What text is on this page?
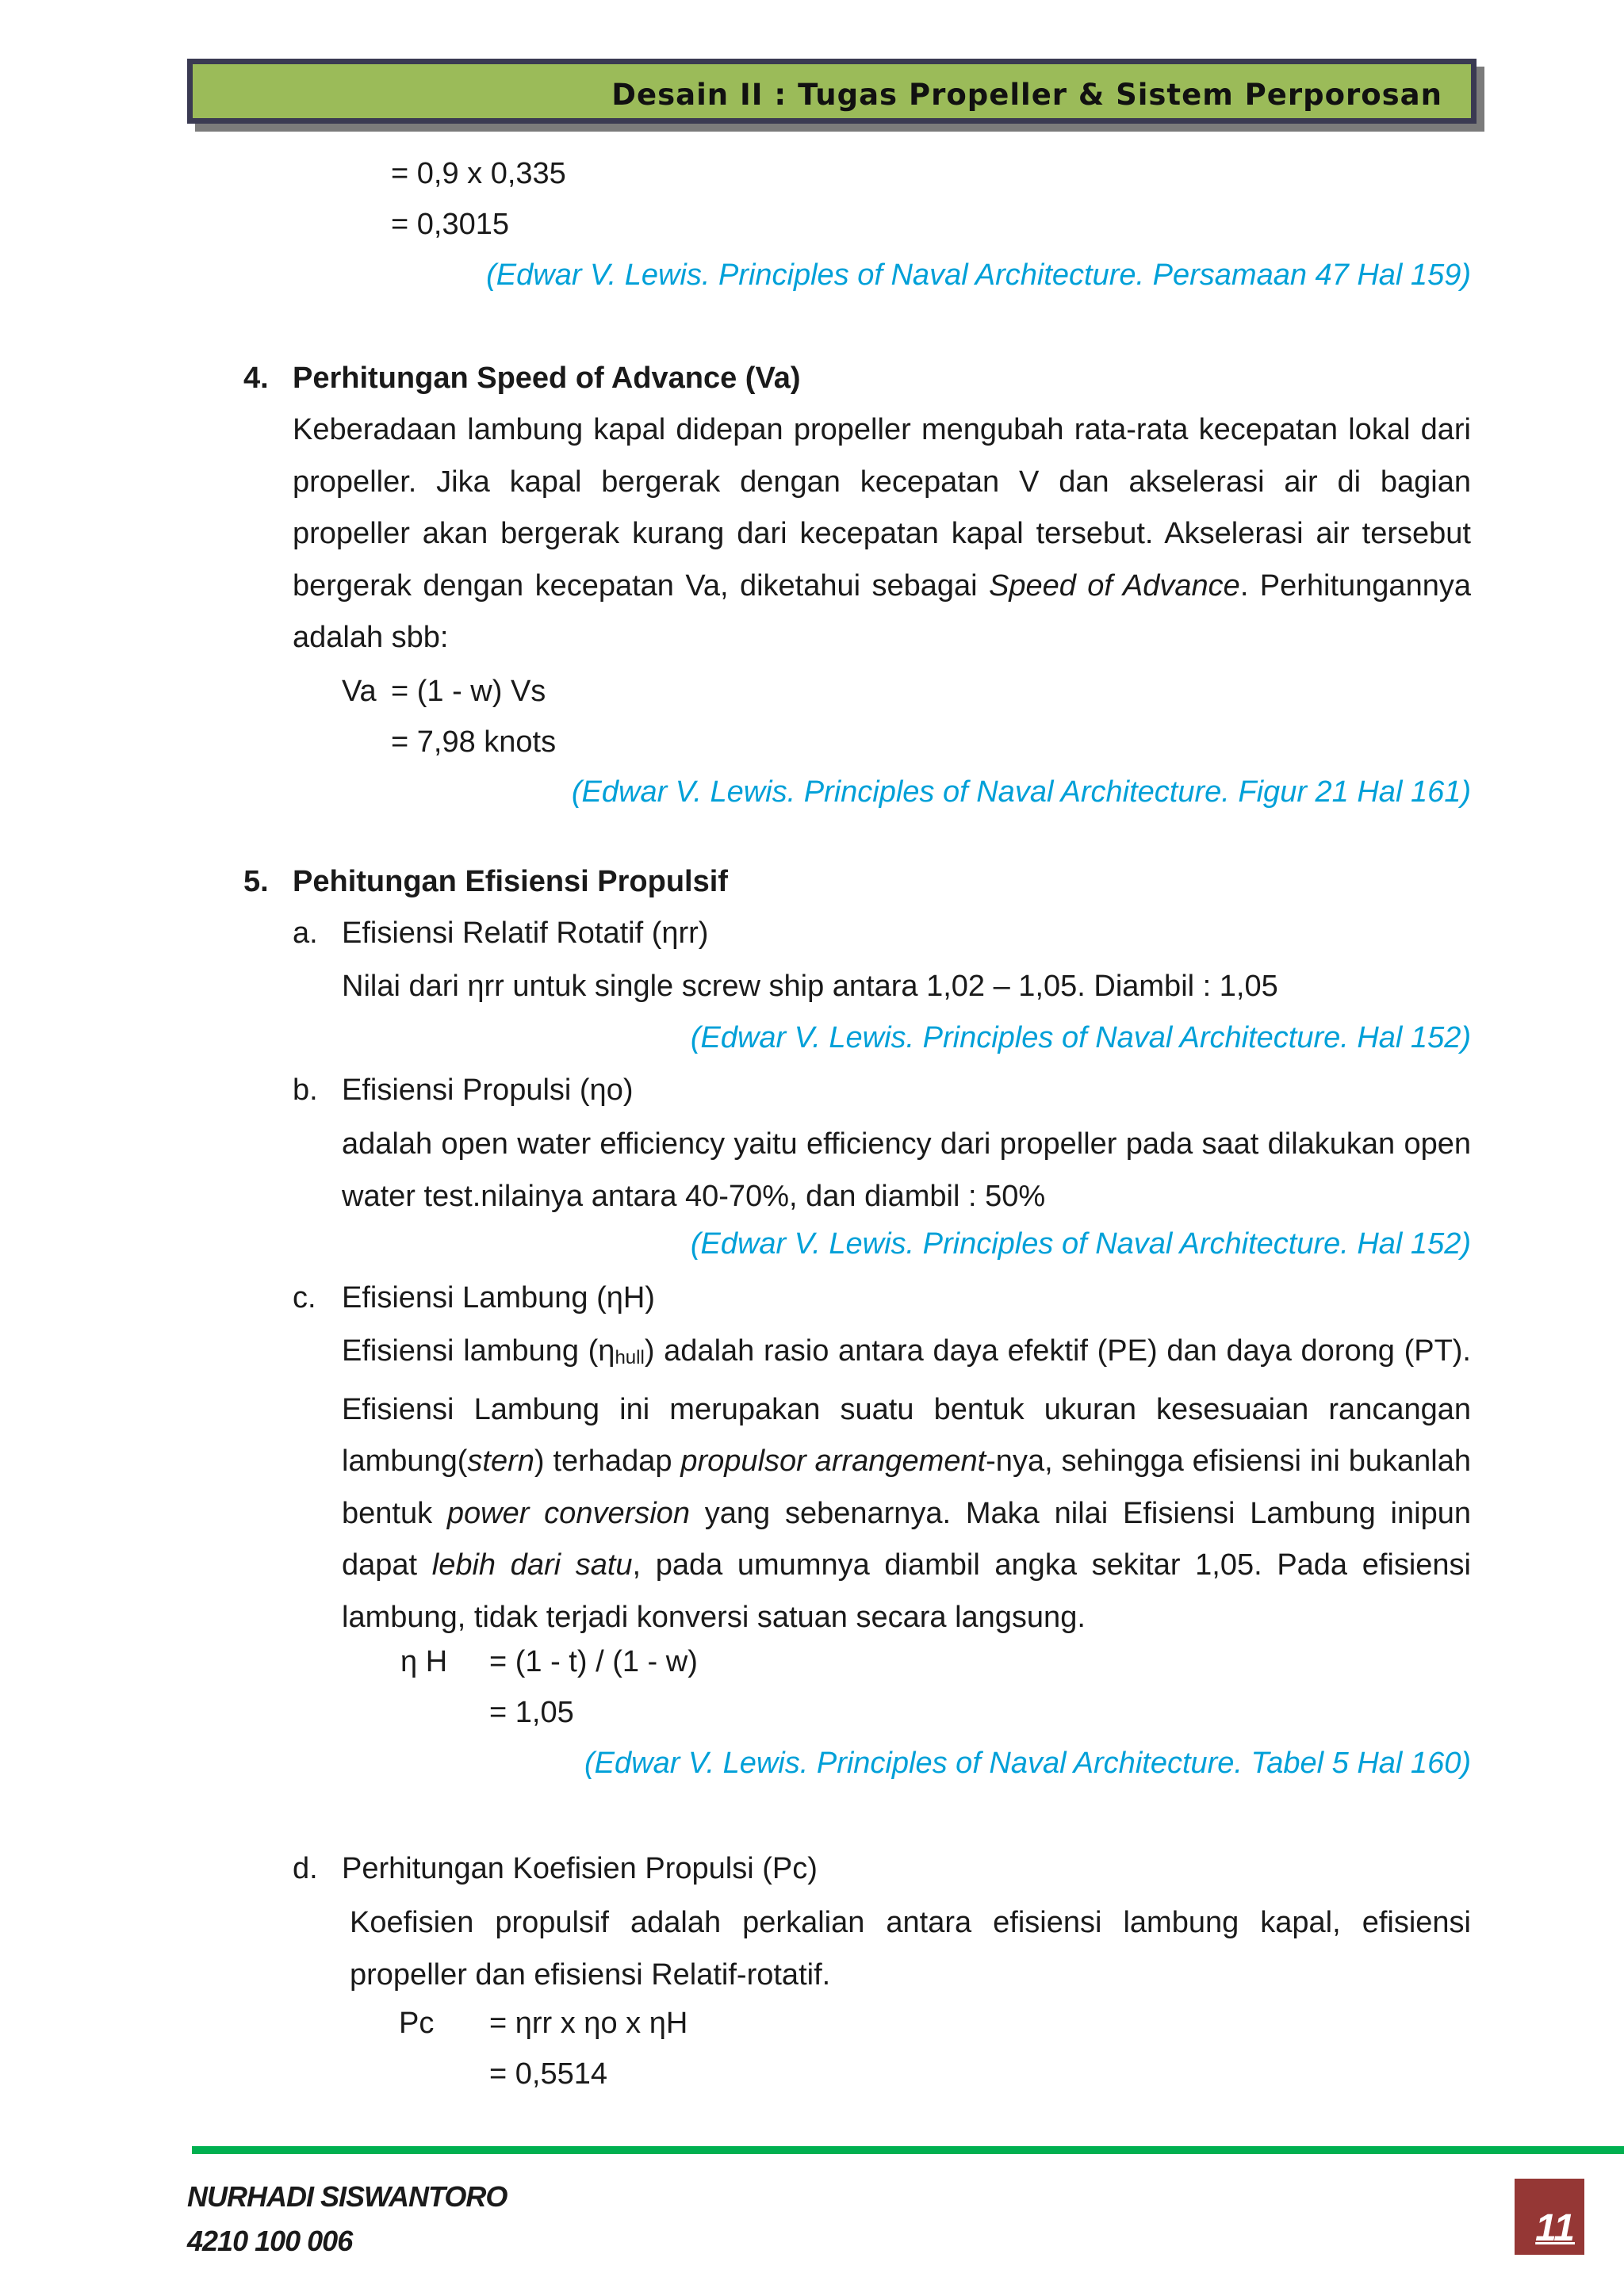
Desain II : Tugas Propeller & Sistem Perporosan
= 0,9 x 0,335
= 0,3015
(Edwar V. Lewis. Principles of Naval Architecture. Persamaan 47 Hal 159)
4. Perhitungan Speed of Advance (Va)

Keberadaan lambung kapal didepan propeller mengubah rata-rata kecepatan lokal dari propeller. Jika kapal bergerak dengan kecepatan V dan akselerasi air di bagian propeller akan bergerak kurang dari kecepatan kapal tersebut. Akselerasi air tersebut bergerak dengan kecepatan Va, diketahui sebagai Speed of Advance. Perhitungannya adalah sbb:

Va = (1 - w) Vs
= 7,98 knots
(Edwar V. Lewis. Principles of Naval Architecture. Figur 21 Hal 161)
5. Pehitungan Efisiensi Propulsif
a. Efisiensi Relatif Rotatif (ηrr)
Nilai dari ηrr untuk single screw ship antara 1,02 – 1,05. Diambil : 1,05
(Edwar V. Lewis. Principles of Naval Architecture. Hal 152)
b. Efisiensi Propulsi (ηo)

adalah open water efficiency yaitu efficiency dari propeller pada saat dilakukan open water test.nilainya antara 40-70%, dan diambil : 50%

(Edwar V. Lewis. Principles of Naval Architecture. Hal 152)
c. Efisiensi Lambung (ηH)

Efisiensi lambung $(\eta_{hull})$ adalah rasio antara daya efektif (PE) dan daya dorong (PT). Efisiensi Lambung ini merupakan suatu bentuk ukuran kesesuaian rancangan lambung(stern) terhadap propulsor arrangement-nya, sehingga efisiensi ini bukanlah bentuk power conversion yang sebenarnya. Maka nilai Efisiensi Lambung inipun dapat lebih dari satu, pada umumnya diambil angka sekitar 1,05. Pada efisiensi lambung, tidak terjadi konversi satuan secara langsung.

η H = (1 - t) / (1 - w)
= 1,05
(Edwar V. Lewis. Principles of Naval Architecture. Tabel 5 Hal 160)
d. Perhitungan Koefisien Propulsi (Pc)

Koefisien propulsif adalah perkalian antara efisiensi lambung kapal, efisiensi propeller dan efisiensi Relatif-rotatif.

Pc = ηrr x ηo x ηH
= 0,5514
NURHADI SISWANTORO
4210 100 006	11
